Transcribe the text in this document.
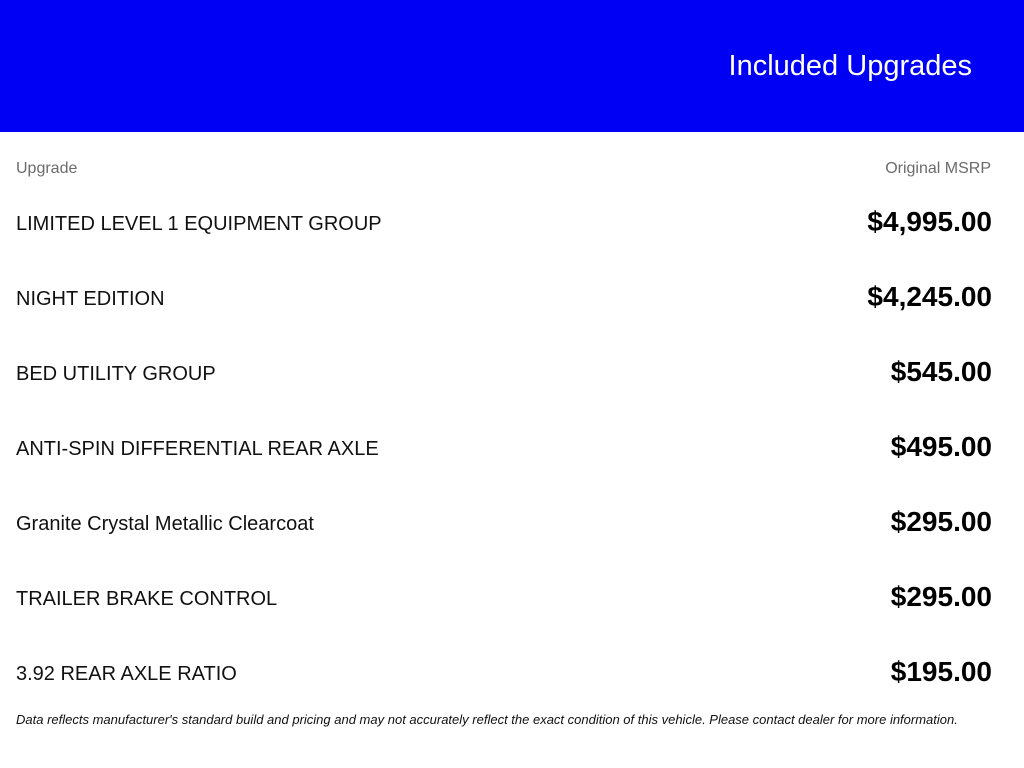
Included Upgrades
Upgrade	Original MSRP
LIMITED LEVEL 1 EQUIPMENT GROUP	$4,995.00
NIGHT EDITION	$4,245.00
BED UTILITY GROUP	$545.00
ANTI-SPIN DIFFERENTIAL REAR AXLE	$495.00
Granite Crystal Metallic Clearcoat	$295.00
TRAILER BRAKE CONTROL	$295.00
3.92 REAR AXLE RATIO	$195.00
Data reflects manufacturer's standard build and pricing and may not accurately reflect the exact condition of this vehicle. Please contact dealer for more information.
